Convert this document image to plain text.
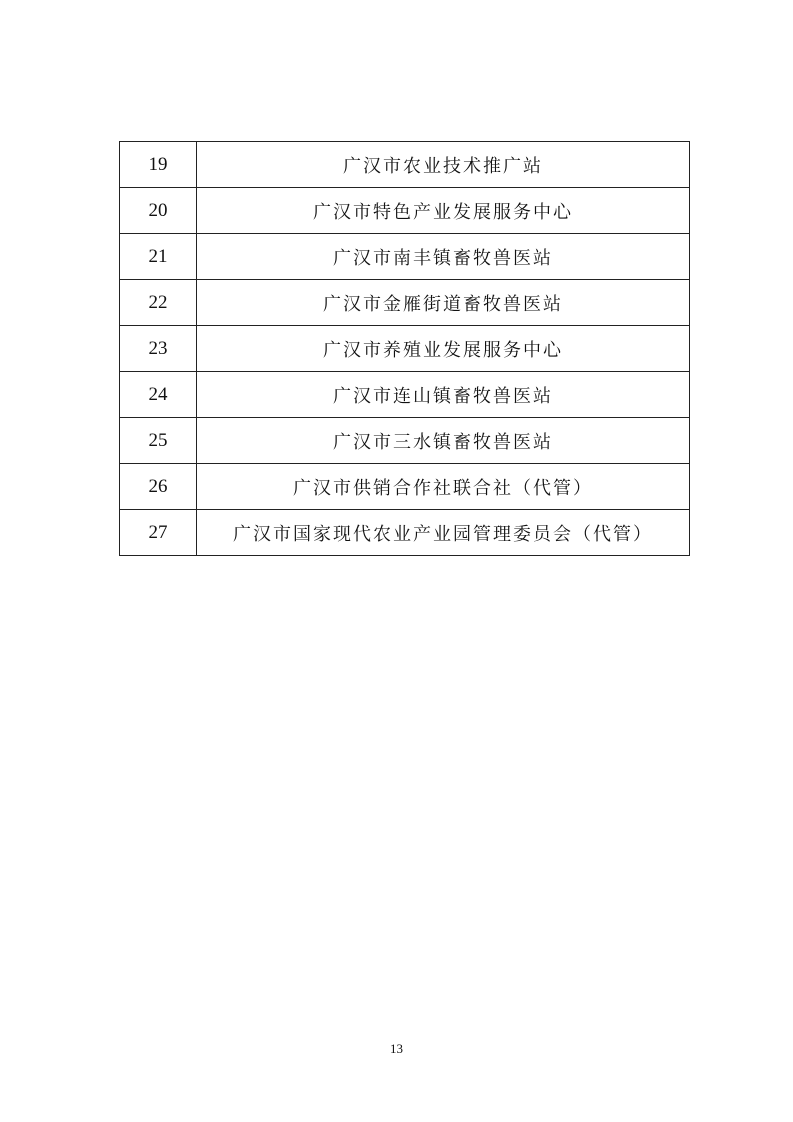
19	广汉市农业技术推广站
20	广汉市特色产业发展服务中心
21	广汉市南丰镇畜牧兽医站
22	广汉市金雁街道畜牧兽医站
23	广汉市养殖业发展服务中心
24	广汉市连山镇畜牧兽医站
25	广汉市三水镇畜牧兽医站
26	广汉市供销合作社联合社（代管）
27	广汉市国家现代农业产业园管理委员会（代管）
13
